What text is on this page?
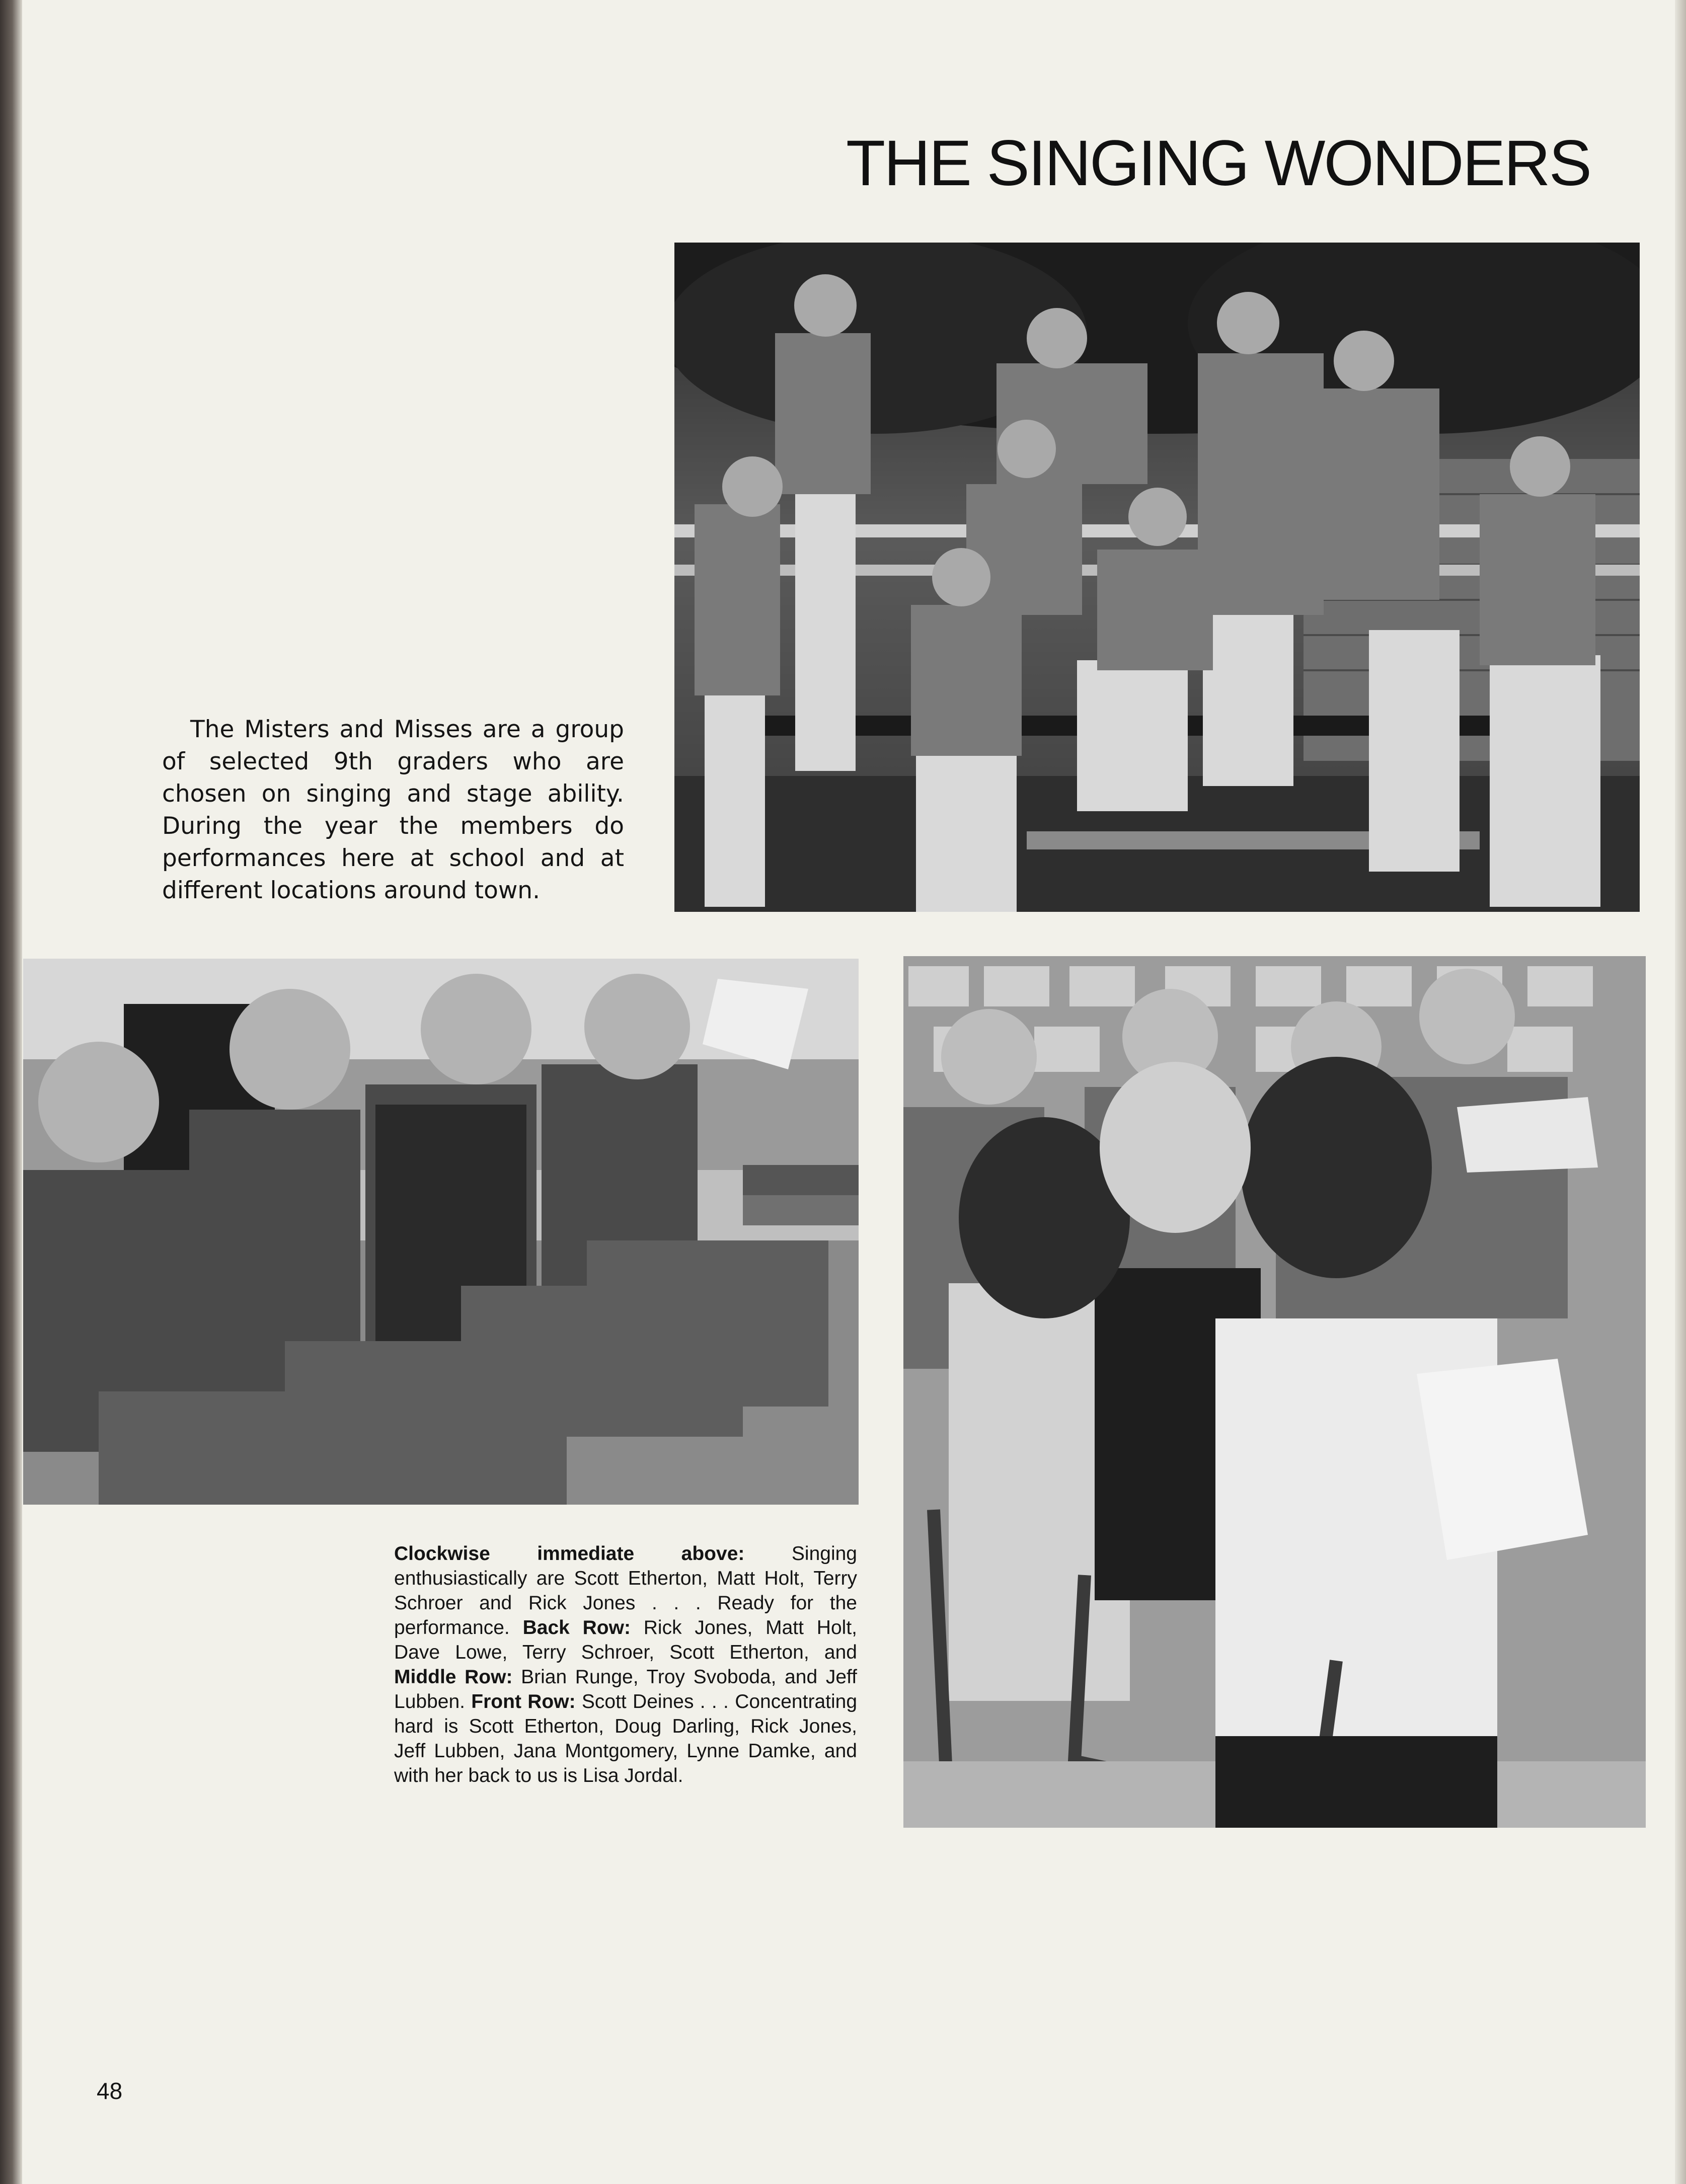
THE SINGING WONDERS
The Misters and Misses are a group of selected 9th graders who are chosen on singing and stage ability. During the year the members do performances here at school and at different locations around town.
Clockwise immediate above: Singing enthusiastically are Scott Etherton, Matt Holt, Terry Schroer and Rick Jones . . . Ready for the performance. Back Row: Rick Jones, Matt Holt, Dave Lowe, Terry Schroer, Scott Etherton, and Middle Row: Brian Runge, Troy Svoboda, and Jeff Lubben. Front Row: Scott Deines . . . Concentrating hard is Scott Etherton, Doug Darling, Rick Jones, Jeff Lubben, Jana Montgomery, Lynne Damke, and with her back to us is Lisa Jordal.
48
